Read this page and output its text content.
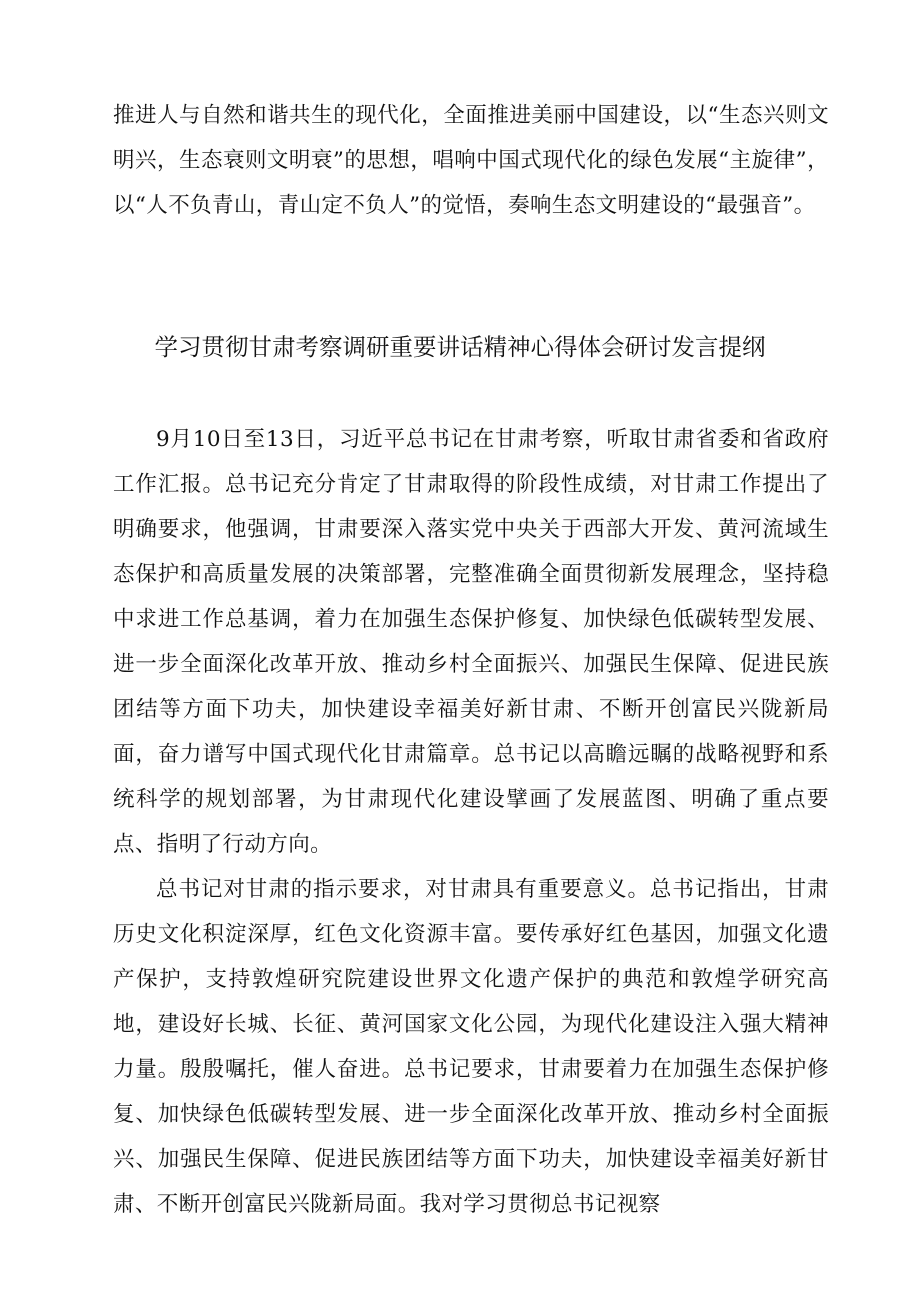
推进人与自然和谐共生的现代化，全面推进美丽中国建设，以“生态兴则文明兴，生态衰则文明衰”的思想，唱响中国式现代化的绿色发展“主旋律”，以“人不负青山，青山定不负人”的觉悟，奏响生态文明建设的“最强音”。

学习贯彻甘肃考察调研重要讲话精神心得体会研讨发言提纲

9月10日至13日，习近平总书记在甘肃考察，听取甘肃省委和省政府工作汇报。总书记充分肯定了甘肃取得的阶段性成绩，对甘肃工作提出了明确要求，他强调，甘肃要深入落实党中央关于西部大开发、黄河流域生态保护和高质量发展的决策部署，完整准确全面贯彻新发展理念，坚持稳中求进工作总基调，着力在加强生态保护修复、加快绿色低碳转型发展、进一步全面深化改革开放、推动乡村全面振兴、加强民生保障、促进民族团结等方面下功夫，加快建设幸福美好新甘肃、不断开创富民兴陇新局面，奋力谱写中国式现代化甘肃篇章。总书记以高瞻远瞩的战略视野和系统科学的规划部署，为甘肃现代化建设擘画了发展蓝图、明确了重点要点、指明了行动方向。

总书记对甘肃的指示要求，对甘肃具有重要意义。总书记指出，甘肃历史文化积淀深厚，红色文化资源丰富。要传承好红色基因，加强文化遗产保护，支持敦煌研究院建设世界文化遗产保护的典范和敦煌学研究高地，建设好长城、长征、黄河国家文化公园，为现代化建设注入强大精神力量。殷殷嘱托，催人奋进。总书记要求，甘肃要着力在加强生态保护修复、加快绿色低碳转型发展、进一步全面深化改革开放、推动乡村全面振兴、加强民生保障、促进民族团结等方面下功夫，加快建设幸福美好新甘肃、不断开创富民兴陇新局面。我对学习贯彻总书记视察
